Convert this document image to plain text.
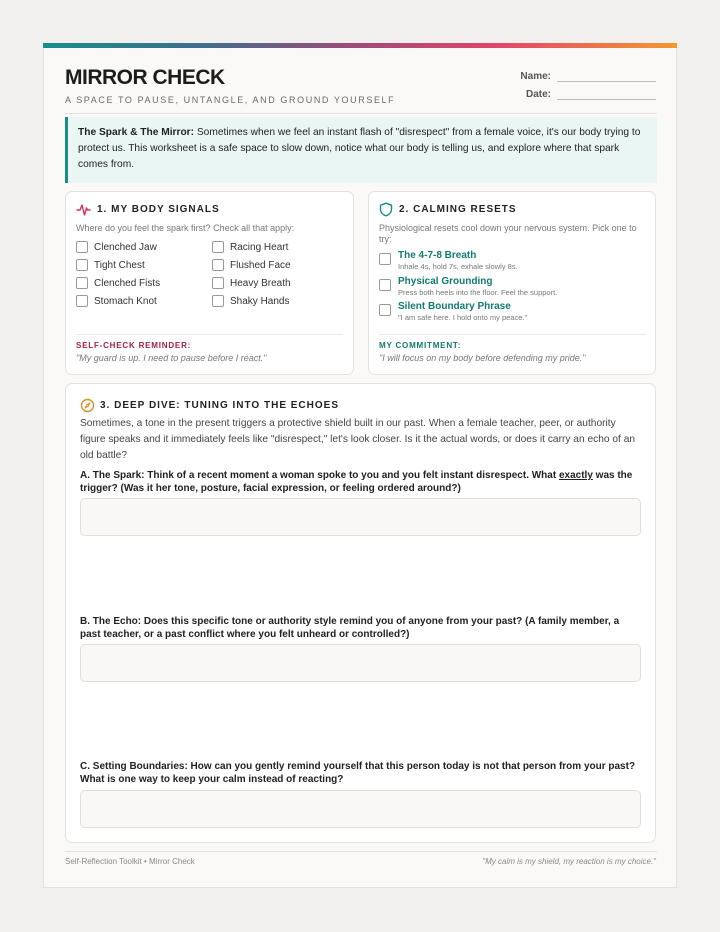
MIRROR CHECK
A SPACE TO PAUSE, UNTANGLE, AND GROUND YOURSELF
Name:
Date:
The Spark & The Mirror: Sometimes when we feel an instant flash of "disrespect" from a female voice, it's our body trying to protect us. This worksheet is a safe space to slow down, notice what our body is telling us, and explore where that spark comes from.
1. MY BODY SIGNALS
Where do you feel the spark first? Check all that apply:
Clenched Jaw
Tight Chest
Clenched Fists
Stomach Knot
Racing Heart
Flushed Face
Heavy Breath
Shaky Hands
SELF-CHECK REMINDER:
"My guard is up. I need to pause before I react."
2. CALMING RESETS
Physiological resets cool down your nervous system. Pick one to try:
The 4-7-8 Breath
Inhale 4s, hold 7s, exhale slowly 8s.
Physical Grounding
Press both heels into the floor. Feel the support.
Silent Boundary Phrase
"I am safe here. I hold onto my peace."
MY COMMITMENT:
"I will focus on my body before defending my pride."
3. DEEP DIVE: TUNING INTO THE ECHOES
Sometimes, a tone in the present triggers a protective shield built in our past. When a female teacher, peer, or authority figure speaks and it immediately feels like "disrespect," let's look closer. Is it the actual words, or does it carry an echo of an old battle?
A. The Spark: Think of a recent moment a woman spoke to you and you felt instant disrespect. What exactly was the trigger? (Was it her tone, posture, facial expression, or feeling ordered around?)
B. The Echo: Does this specific tone or authority style remind you of anyone from your past? (A family member, a past teacher, or a past conflict where you felt unheard or controlled?)
C. Setting Boundaries: How can you gently remind yourself that this person today is not that person from your past? What is one way to keep your calm instead of reacting?
Self-Reflection Toolkit • Mirror Check	"My calm is my shield, my reaction is my choice."
